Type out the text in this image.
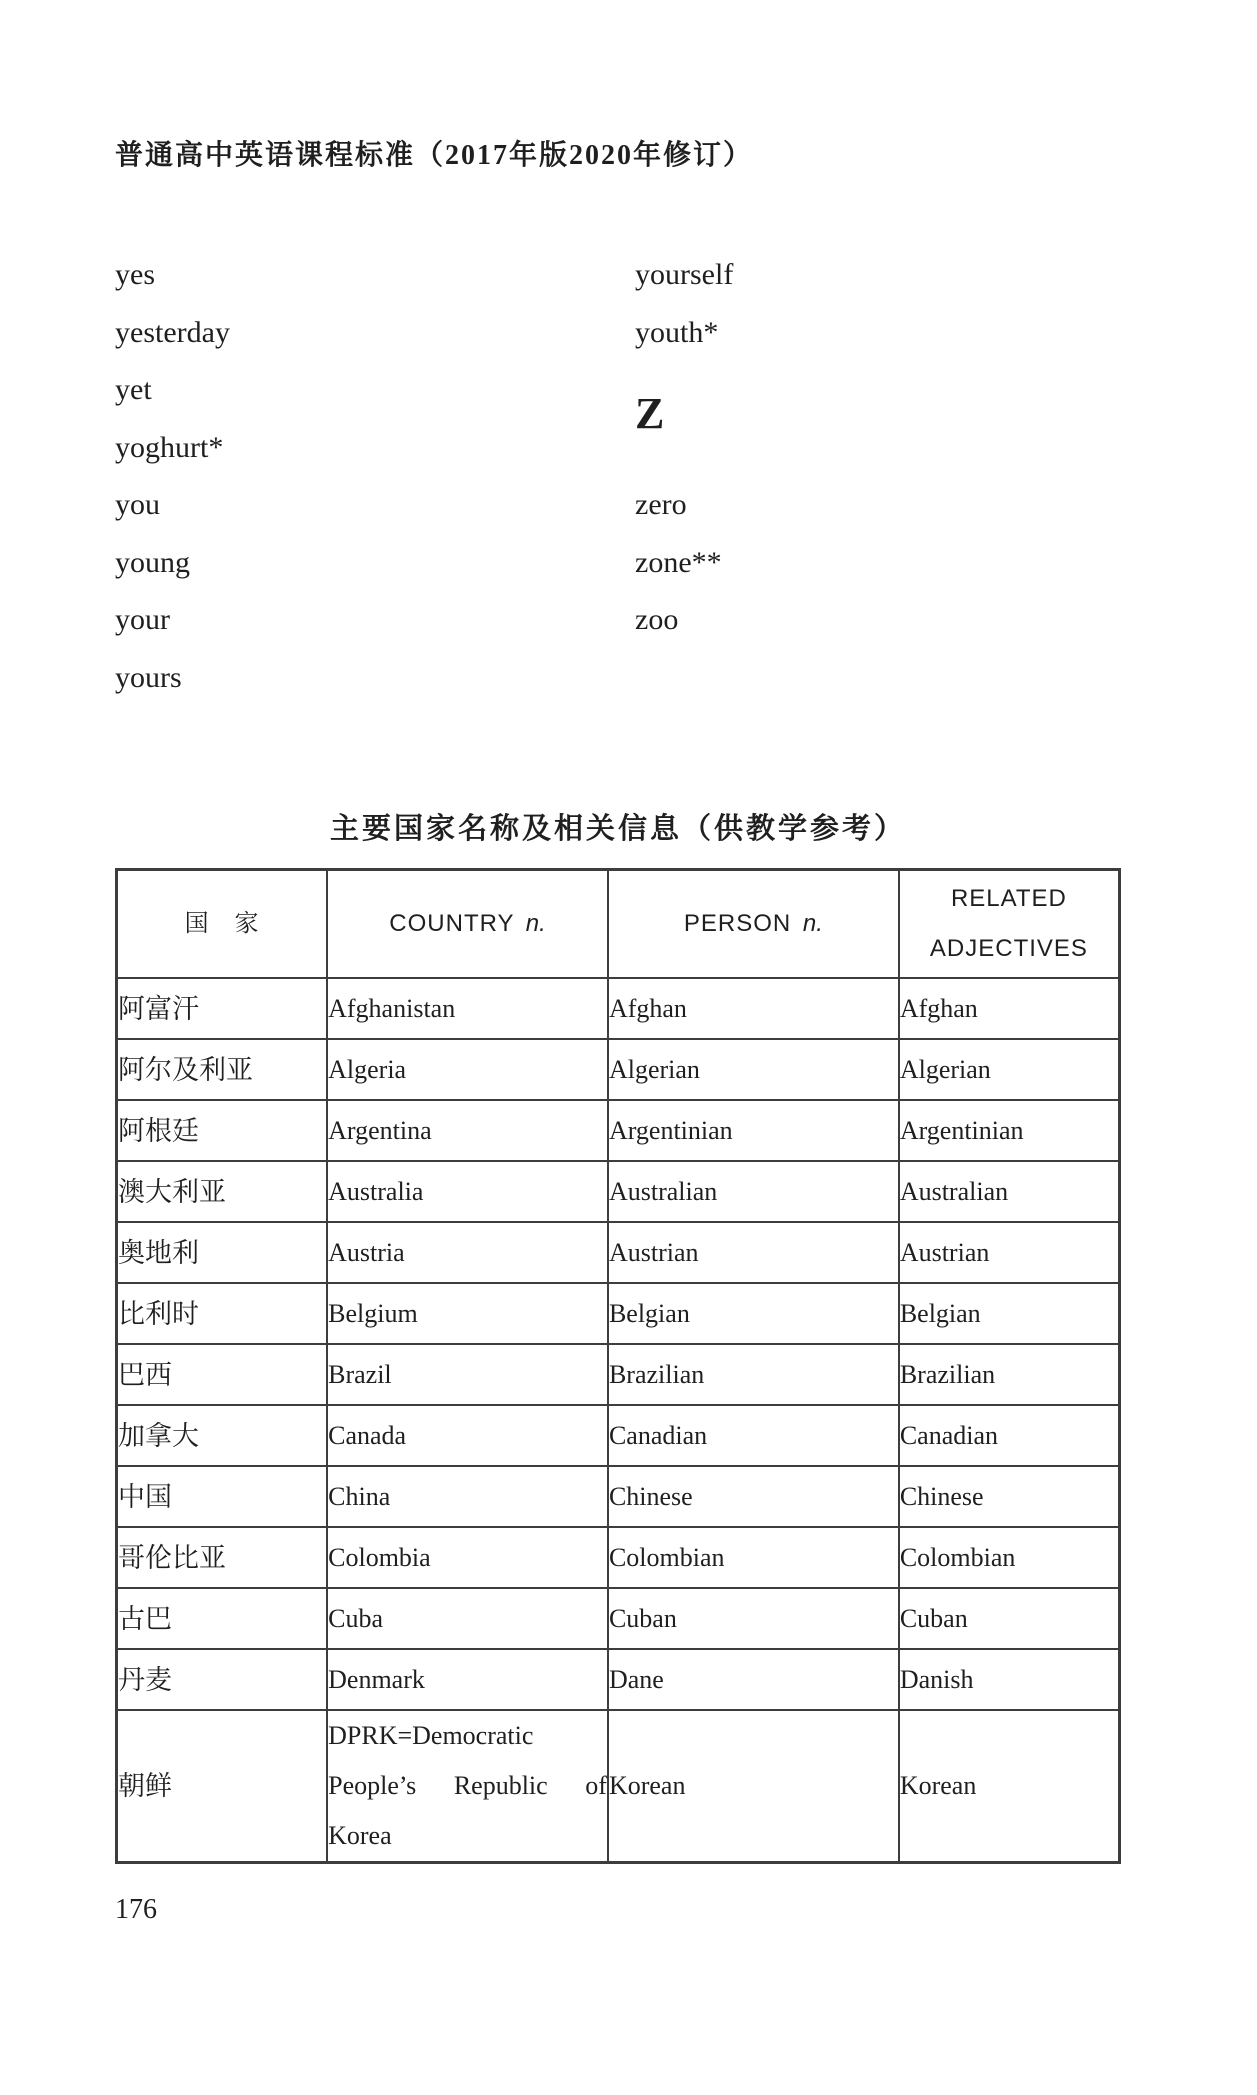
普通高中英语课程标准（2017年版2020年修订）
yes
yesterday
yet
yoghurt*
you
young
your
yours
yourself
youth*
Z
zero
zone**
zoo
主要国家名称及相关信息（供教学参考）
国　家	COUNTRY n.	PERSON n.	RELATED ADJECTIVES
阿富汗	Afghanistan	Afghan	Afghan
阿尔及利亚	Algeria	Algerian	Algerian
阿根廷	Argentina	Argentinian	Argentinian
澳大利亚	Australia	Australian	Australian
奥地利	Austria	Austrian	Austrian
比利时	Belgium	Belgian	Belgian
巴西	Brazil	Brazilian	Brazilian
加拿大	Canada	Canadian	Canadian
中国	China	Chinese	Chinese
哥伦比亚	Colombia	Colombian	Colombian
古巴	Cuba	Cuban	Cuban
丹麦	Denmark	Dane	Danish
朝鲜	DPRK=Democratic People’s Republic of Korea	Korean	Korean
176
